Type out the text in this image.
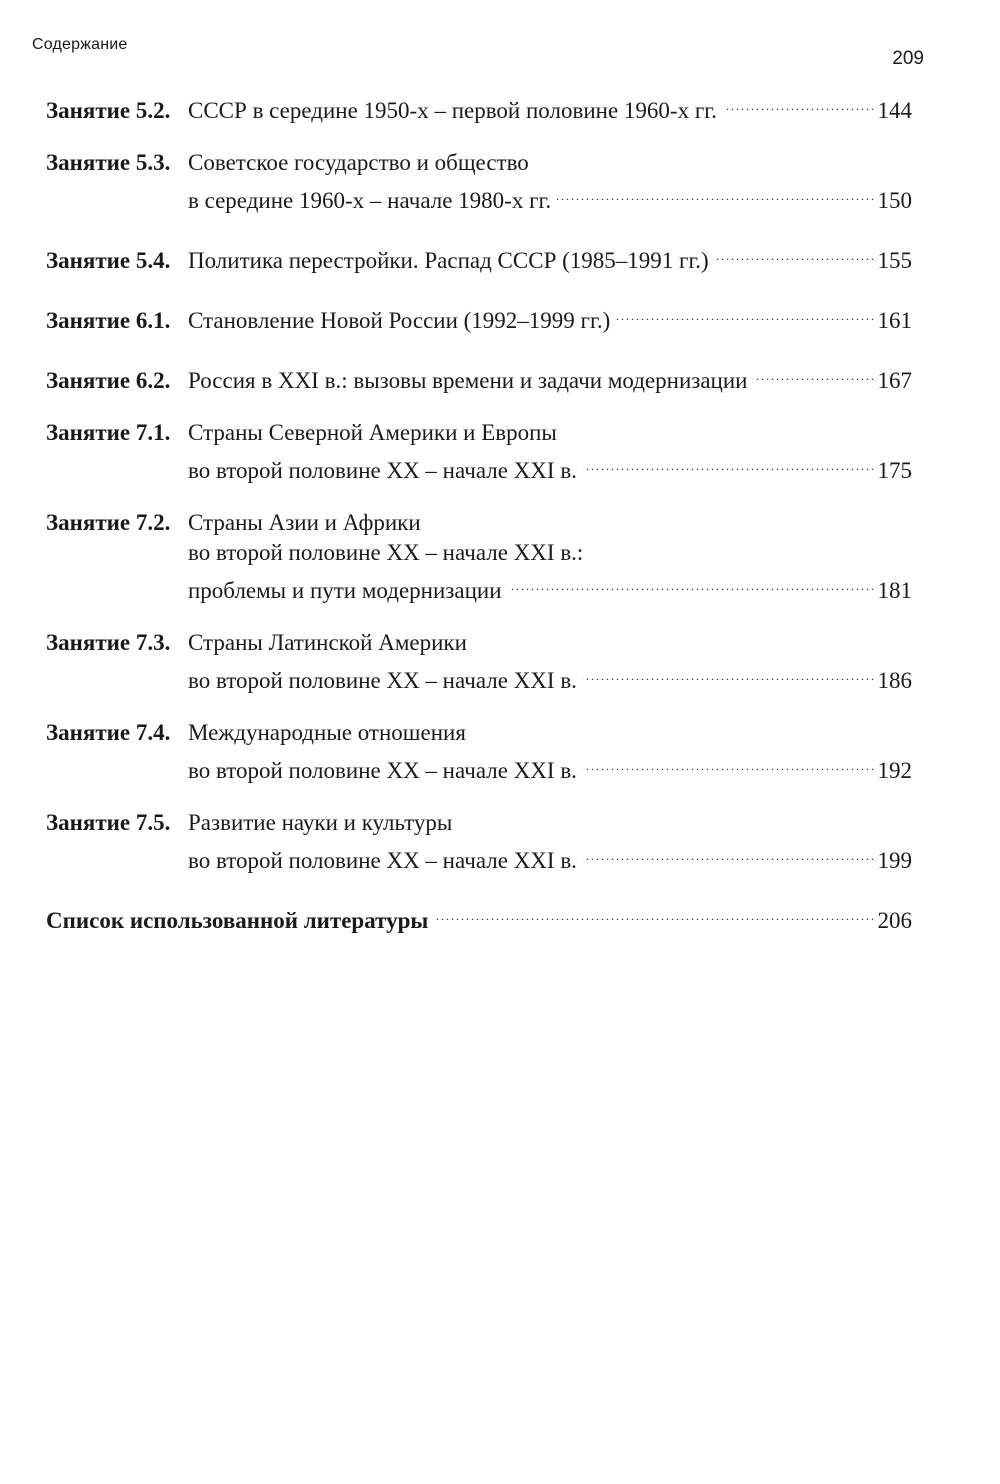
Содержание
209
Занятие 5.2. СССР в середине 1950-х – первой половине 1960-х гг. . . .	144
Занятие 5.3. Советское государство и общество
в середине 1960-х – начале 1980-х гг. . . .	150
Занятие 5.4. Политика перестройки. Распад СССР (1985–1991 гг.) . . .	155
Занятие 6.1. Становление Новой России (1992–1999 гг.) . . .	161
Занятие 6.2. Россия в XXI в.: вызовы времени и задачи модернизации . . .	167
Занятие 7.1. Страны Северной Америки и Европы
во второй половине XX – начале XXI в. . . .	175
Занятие 7.2. Страны Азии и Африки
во второй половине XX – начале XXI в.:
проблемы и пути модернизации . . .	181
Занятие 7.3. Страны Латинской Америки
во второй половине XX – начале XXI в. . . .	186
Занятие 7.4. Международные отношения
во второй половине XX – начале XXI в. . . .	192
Занятие 7.5. Развитие науки и культуры
во второй половине XX – начале XXI в. . . .	199
Список использованной литературы . . .	206
